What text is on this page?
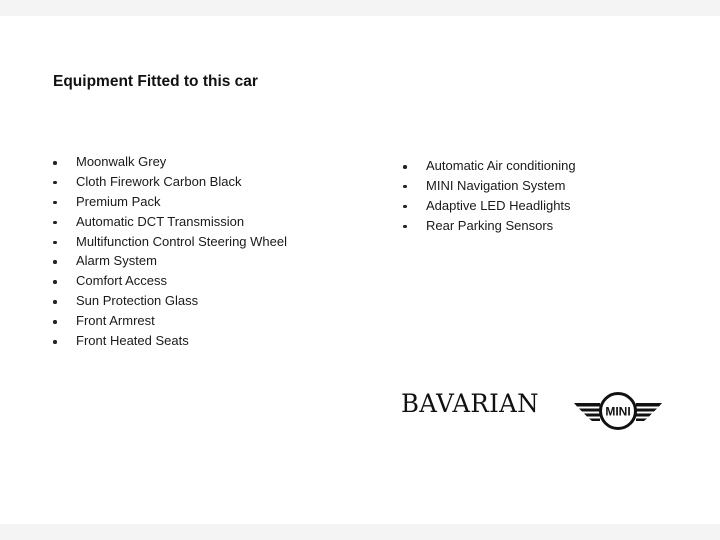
Equipment Fitted to this car
Moonwalk Grey
Cloth Firework Carbon Black
Premium Pack
Automatic DCT Transmission
Multifunction Control Steering Wheel
Alarm System
Comfort Access
Sun Protection Glass
Front Armrest
Front Heated Seats
Automatic Air conditioning
MINI Navigation System
Adaptive LED Headlights
Rear Parking Sensors
BAVARIAN	MINI
